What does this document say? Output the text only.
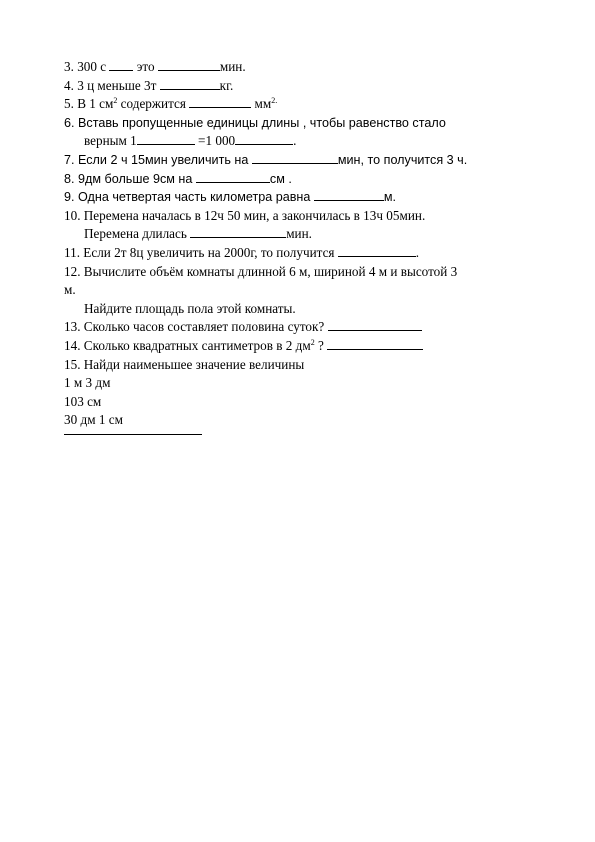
3. 300 с  это	мин.
4. 3 ц меньше 3т	кг.
5. В 1 $см^2$ содержится	$мм^{2.}$
6. Вставь пропущенные единицы длины , чтобы равенство стало
верным 1	=1 000	.
7. Если 2 ч 15мин увеличить на	мин, то получится 3 ч.
8. 9дм больше 9см на	см .
9. Одна четвертая часть километра равна	м.
10. Перемена началась в 12ч 50 мин, а закончилась в 13ч 05мин.
Перемена длилась	мин.
11. Если 2т 8ц увеличить на 2000г, то получится	.
12. Вычислите объём комнаты длинной 6 м, шириной 4 м и высотой 3
м.
Найдите площадь пола этой комнаты.
13. Сколько часов составляет половина суток?
14. Сколько квадратных сантиметров в 2 $дм^2$ ?
15. Найди наименьшее значение величины
1 м 3 дм
103 см
30 дм 1 см
